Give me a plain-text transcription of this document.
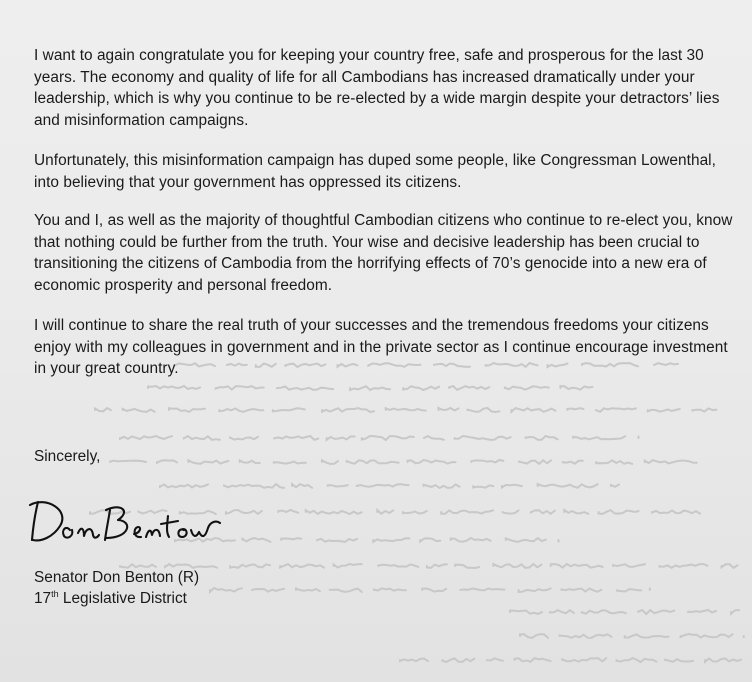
I want to again congratulate you for keeping your country free, safe and prosperous for the last 30 years. The economy and quality of life for all Cambodians has increased dramatically under your leadership, which is why you continue to be re-elected by a wide margin despite your detractors’ lies and misinformation campaigns.

Unfortunately, this misinformation campaign has duped some people, like Congressman Lowenthal, into believing that your government has oppressed its citizens.

You and I, as well as the majority of thoughtful Cambodian citizens who continue to re-elect you, know that nothing could be further from the truth. Your wise and decisive leadership has been crucial to transitioning the citizens of Cambodia from the horrifying effects of 70’s genocide into a new era of economic prosperity and personal freedom.

I will continue to share the real truth of your successes and the tremendous freedoms your citizens enjoy with my colleagues in government and in the private sector as I continue encourage investment in your great country.

Sincerely,

Senator Don Benton (R)

17th Legislative District
